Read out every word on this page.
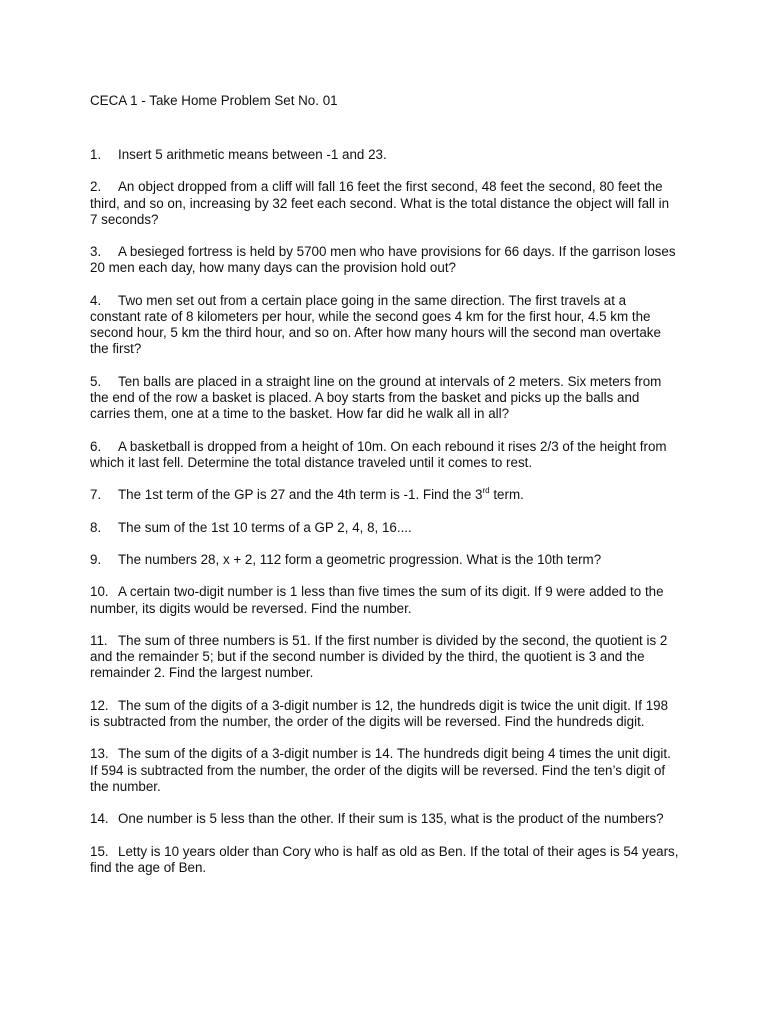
CECA 1 - Take Home Problem Set No. 01
1. Insert 5 arithmetic means between -1 and 23.
2. An object dropped from a cliff will fall 16 feet the first second, 48 feet the second, 80 feet the third, and so on, increasing by 32 feet each second. What is the total distance the object will fall in 7 seconds?
3. A besieged fortress is held by 5700 men who have provisions for 66 days. If the garrison loses 20 men each day, how many days can the provision hold out?
4. Two men set out from a certain place going in the same direction. The first travels at a constant rate of 8 kilometers per hour, while the second goes 4 km for the first hour, 4.5 km the second hour, 5 km the third hour, and so on. After how many hours will the second man overtake the first?
5. Ten balls are placed in a straight line on the ground at intervals of 2 meters. Six meters from the end of the row a basket is placed. A boy starts from the basket and picks up the balls and carries them, one at a time to the basket. How far did he walk all in all?
6. A basketball is dropped from a height of 10m. On each rebound it rises 2/3 of the height from which it last fell. Determine the total distance traveled until it comes to rest.
7. The 1st term of the GP is 27 and the 4th term is -1. Find the 3rd term.
8. The sum of the 1st 10 terms of a GP 2, 4, 8, 16....
9. The numbers 28, x + 2, 112 form a geometric progression. What is the 10th term?
10. A certain two-digit number is 1 less than five times the sum of its digit. If 9 were added to the number, its digits would be reversed. Find the number.
11. The sum of three numbers is 51. If the first number is divided by the second, the quotient is 2 and the remainder 5; but if the second number is divided by the third, the quotient is 3 and the remainder 2. Find the largest number.
12. The sum of the digits of a 3-digit number is 12, the hundreds digit is twice the unit digit. If 198 is subtracted from the number, the order of the digits will be reversed. Find the hundreds digit.
13. The sum of the digits of a 3-digit number is 14. The hundreds digit being 4 times the unit digit. If 594 is subtracted from the number, the order of the digits will be reversed. Find the ten’s digit of the number.
14. One number is 5 less than the other. If their sum is 135, what is the product of the numbers?
15. Letty is 10 years older than Cory who is half as old as Ben. If the total of their ages is 54 years, find the age of Ben.
